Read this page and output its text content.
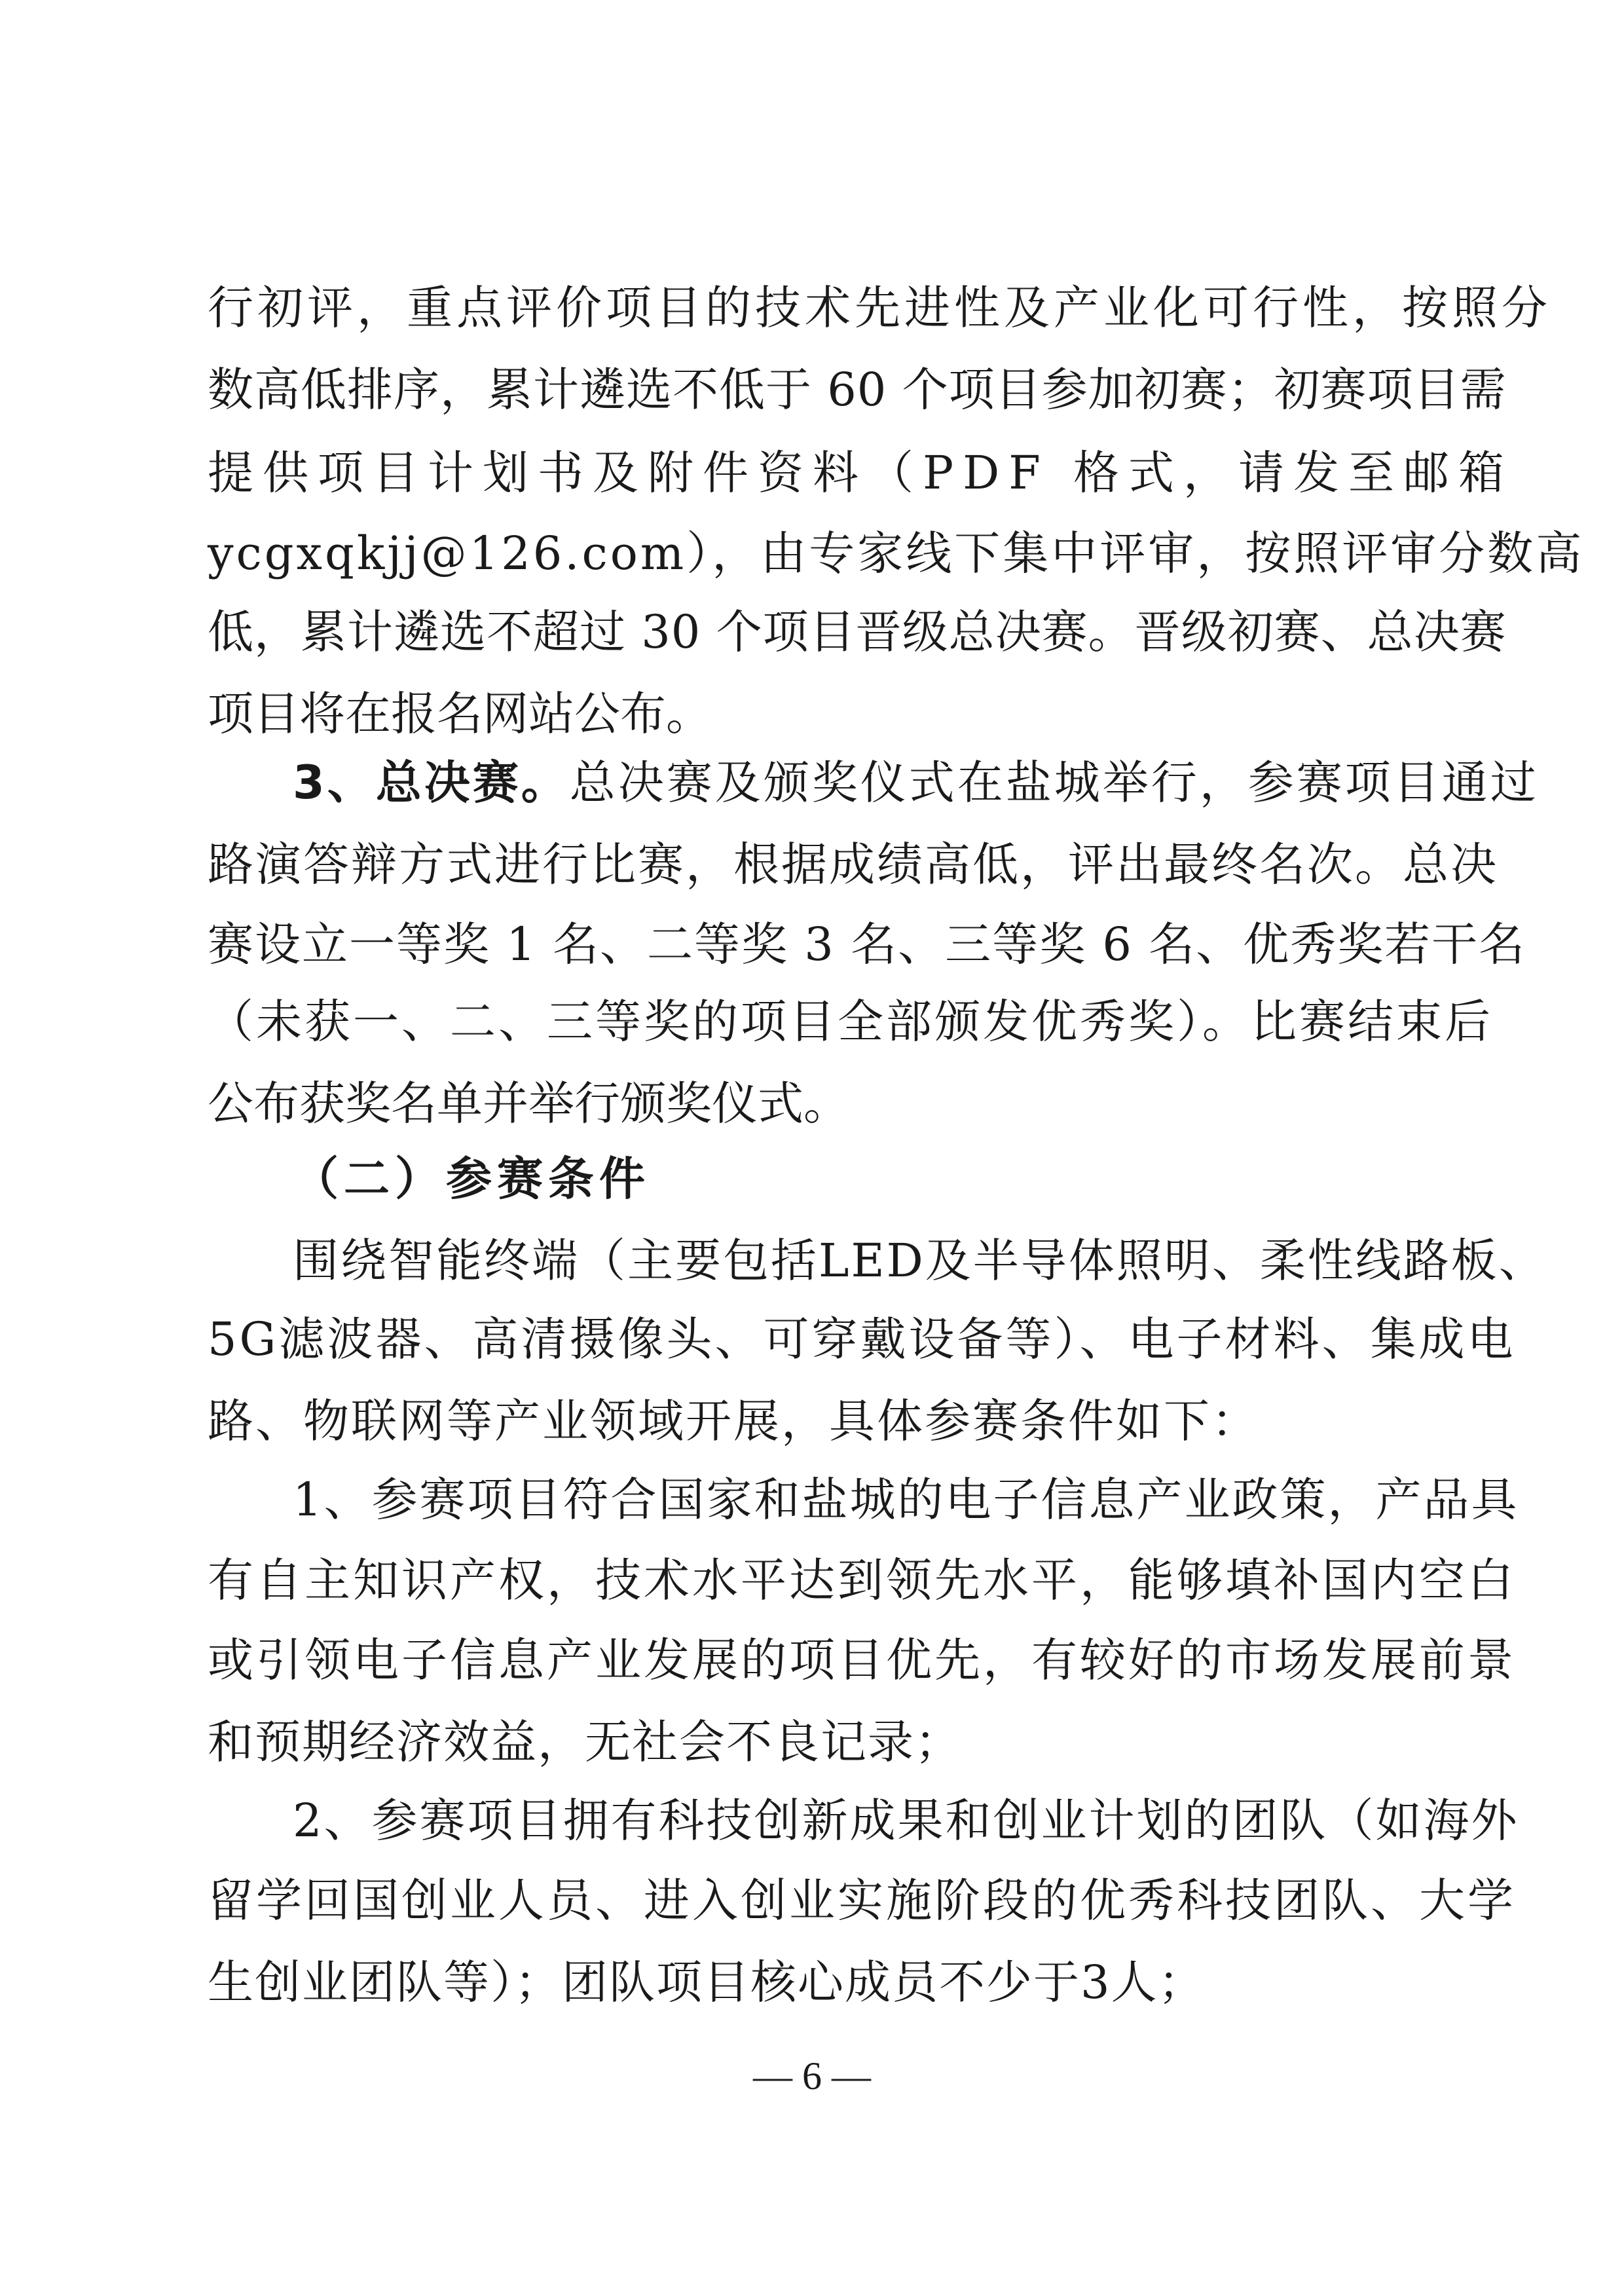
行初评，重点评价项目的技术先进性及产业化可行性，按照分
数高低排序，累计遴选不低于 60 个项目参加初赛；初赛项目需
提供项目计划书及附件资料（PDF 格式，请发至邮箱
ycgxqkjj@126.com），由专家线下集中评审，按照评审分数高
低，累计遴选不超过 30 个项目晋级总决赛。晋级初赛、总决赛
项目将在报名网站公布。
3、总决赛。总决赛及颁奖仪式在盐城举行，参赛项目通过
路演答辩方式进行比赛，根据成绩高低，评出最终名次。总决
赛设立一等奖 1 名、二等奖 3 名、三等奖 6 名、优秀奖若干名
（未获一、二、三等奖的项目全部颁发优秀奖）。比赛结束后
公布获奖名单并举行颁奖仪式。
（二）参赛条件
围绕智能终端（主要包括LED及半导体照明、柔性线路板、
5G滤波器、高清摄像头、可穿戴设备等）、电子材料、集成电
路、物联网等产业领域开展，具体参赛条件如下：
1、参赛项目符合国家和盐城的电子信息产业政策，产品具
有自主知识产权，技术水平达到领先水平，能够填补国内空白
或引领电子信息产业发展的项目优先，有较好的市场发展前景
和预期经济效益，无社会不良记录；
2、参赛项目拥有科技创新成果和创业计划的团队（如海外
留学回国创业人员、进入创业实施阶段的优秀科技团队、大学
生创业团队等）；团队项目核心成员不少于3人；
— 6 —
